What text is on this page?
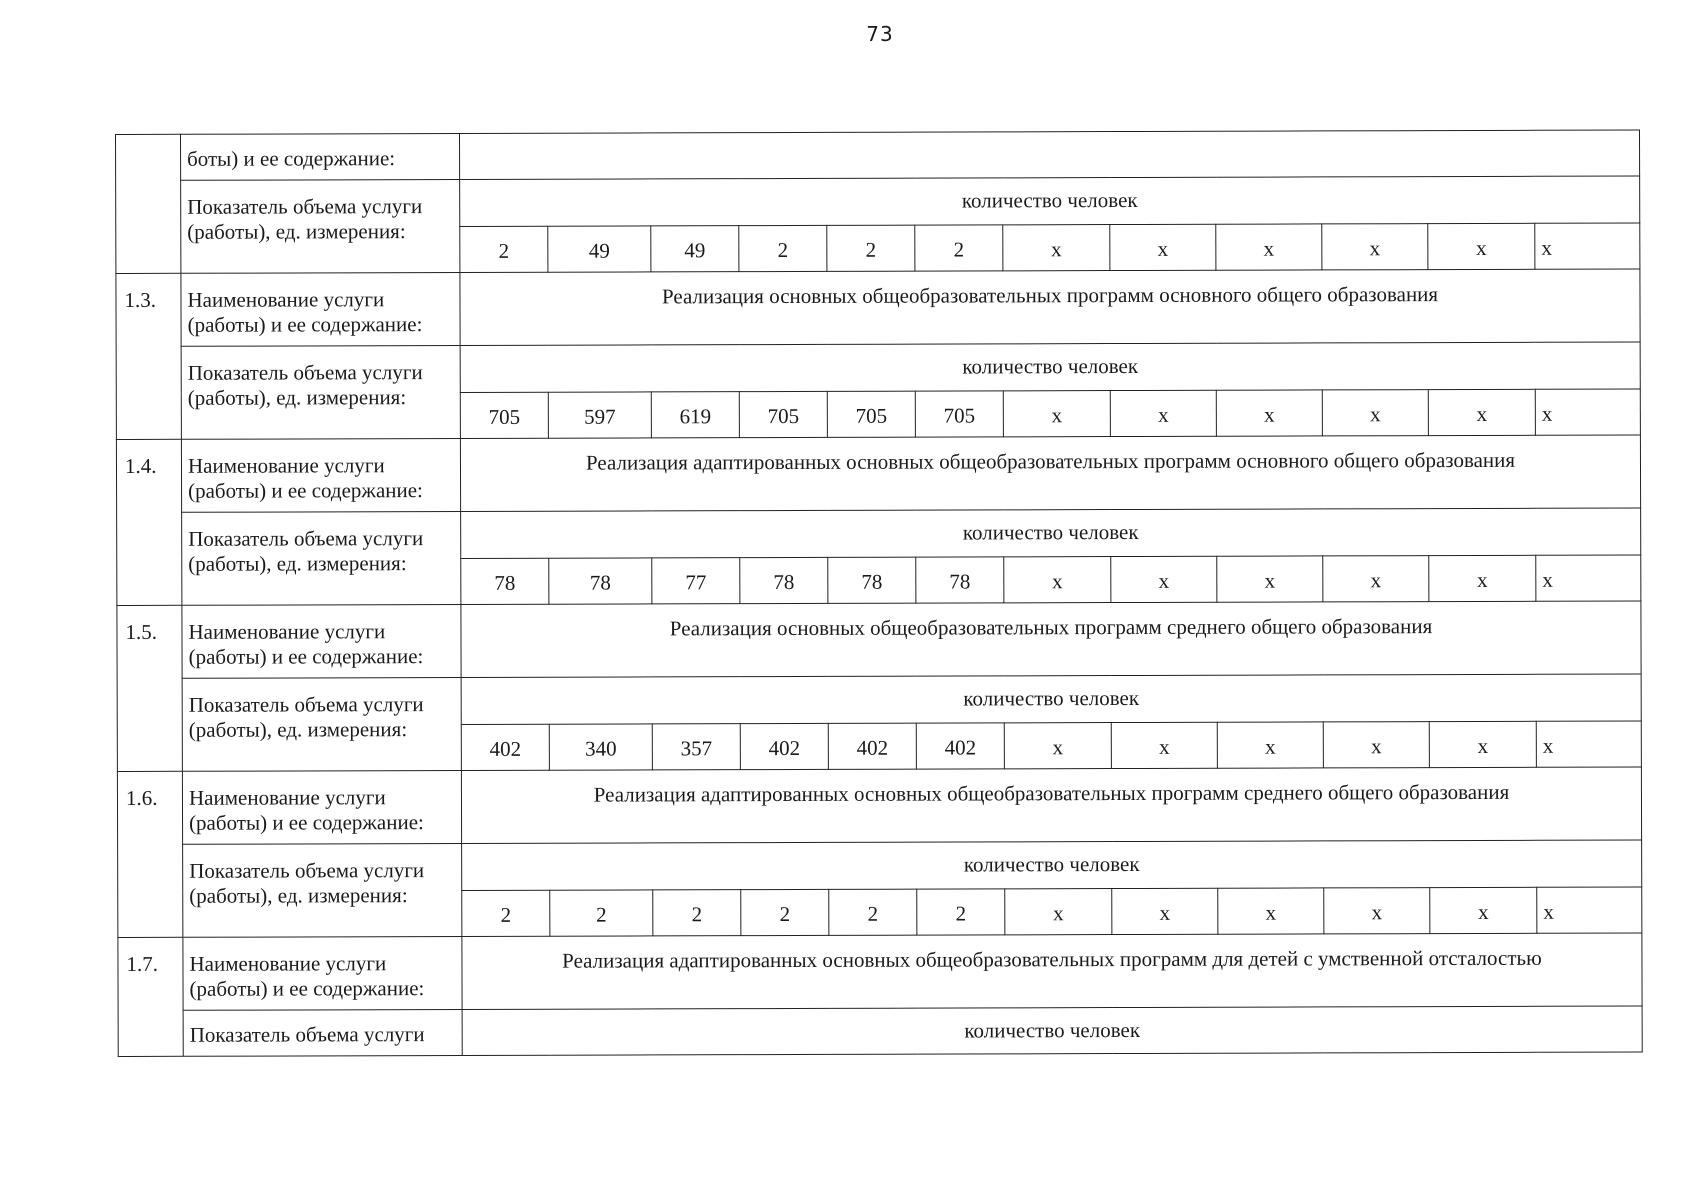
73
	боты) и ее содержание:												
	Показатель объема услуги (работы), ед. измерения:	количество человек											
		2	49	49	2	2	2	x	x	x	x	x	x
1.3.	Наименование услуги (работы) и ее содержание:	Реализация основных общеобразовательных программ основного общего образования											
	Показатель объема услуги (работы), ед. измерения:	количество человек											
		705	597	619	705	705	705	x	x	x	x	x	x
1.4.	Наименование услуги (работы) и ее содержание:	Реализация адаптированных основных общеобразовательных программ основного общего образования											
	Показатель объема услуги (работы), ед. измерения:	количество человек											
		78	78	77	78	78	78	x	x	x	x	x	x
1.5.	Наименование услуги (работы) и ее содержание:	Реализация основных общеобразовательных программ среднего общего образования											
	Показатель объема услуги (работы), ед. измерения:	количество человек											
		402	340	357	402	402	402	x	x	x	x	x	x
1.6.	Наименование услуги (работы) и ее содержание:	Реализация адаптированных основных общеобразовательных программ среднего общего образования											
	Показатель объема услуги (работы), ед. измерения:	количество человек											
		2	2	2	2	2	2	x	x	x	x	x	x
1.7.	Наименование услуги (работы) и ее содержание:	Реализация адаптированных основных общеобразовательных программ для детей с умственной отсталостью											
	Показатель объема услуги	количество человек											
